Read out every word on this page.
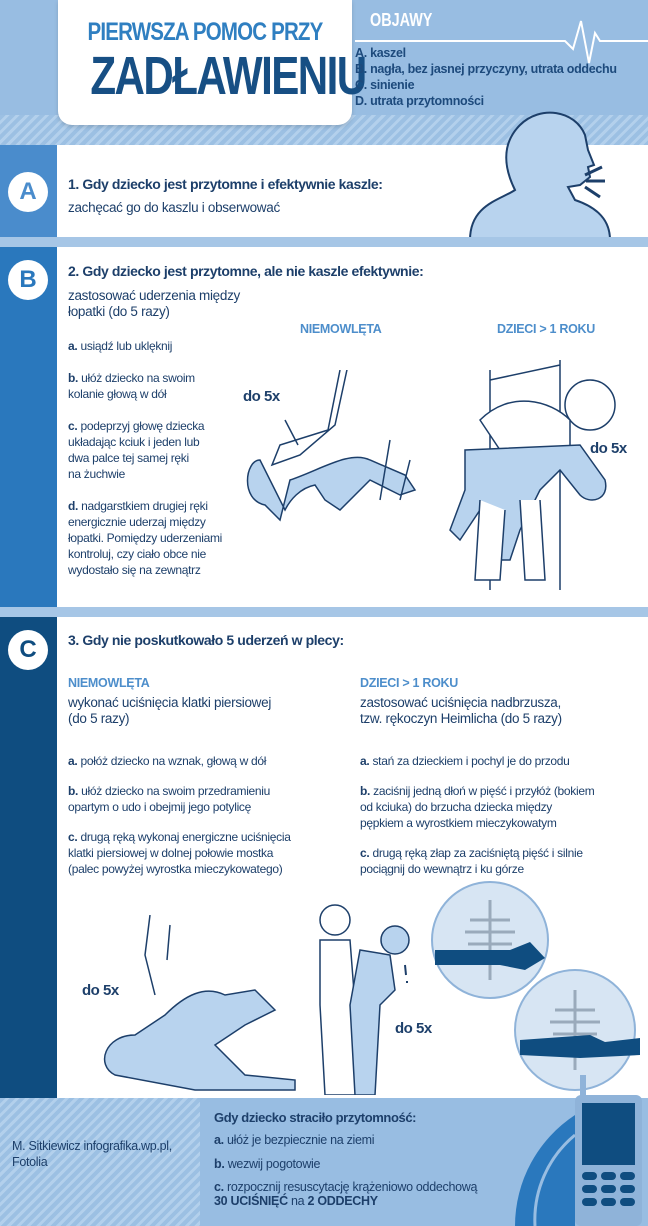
PIERWSZA POMOC PRZY
ZADŁAWIENIU
OBJAWY
A. kaszel
B. nagła, bez jasnej przyczyny, utrata oddechu
C. sinienie
D. utrata przytomności
A	1. Gdy dziecko jest przytomne i efektywnie kaszle:
zachęcać go do kaszlu i obserwować
B	2. Gdy dziecko jest przytomne, ale nie kaszle efektywnie:
zastosować uderzenia między
łopatki (do 5 razy)
a. usiądź lub uklęknij
b. ułóż dziecko na swoim
kolanie głową w dół
c. podeprzyj głowę dziecka
układając kciuk i jeden lub
dwa palce tej samej ręki
na żuchwie
d. nadgarstkiem drugiej ręki
energicznie uderzaj między
łopatki. Pomiędzy uderzeniami
kontroluj, czy ciało obce nie
wydostało się na zewnątrz
NIEMOWLĘTA	DZIECI > 1 ROKU
do 5x
do 5x
C	3. Gdy nie poskutkowało 5 uderzeń w plecy:
NIEMOWLĘTA
wykonać uciśnięcia klatki piersiowej
(do 5 razy)
a. połóż dziecko na wznak, głową w dół
b. ułóż dziecko na swoim przedramieniu
opartym o udo i obejmij jego potylicę
c. drugą ręką wykonaj energiczne uciśnięcia
klatki piersiowej w dolnej połowie mostka
(palec powyżej wyrostka mieczykowatego)
DZIECI > 1 ROKU
zastosować uciśnięcia nadbrzusza,
tzw. rękoczyn Heimlicha (do 5 razy)
a. stań za dzieckiem i pochyl je do przodu
b. zaciśnij jedną dłoń w pięść i przyłóż (bokiem
od kciuka) do brzucha dziecka między
pępkiem a wyrostkiem mieczykowatym
c. drugą ręką złap za zaciśniętą pięść i silnie
pociągnij do wewnątrz i ku górze
do 5x
do 5x
M. Sitkiewicz infografika.wp.pl,
Fotolia
Gdy dziecko straciło przytomność:
a. ułóż je bezpiecznie na ziemi
b. wezwij pogotowie
c. rozpocznij resuscytację krążeniowo oddechową
30 UCIŚNIĘĆ na 2 ODDECHY
